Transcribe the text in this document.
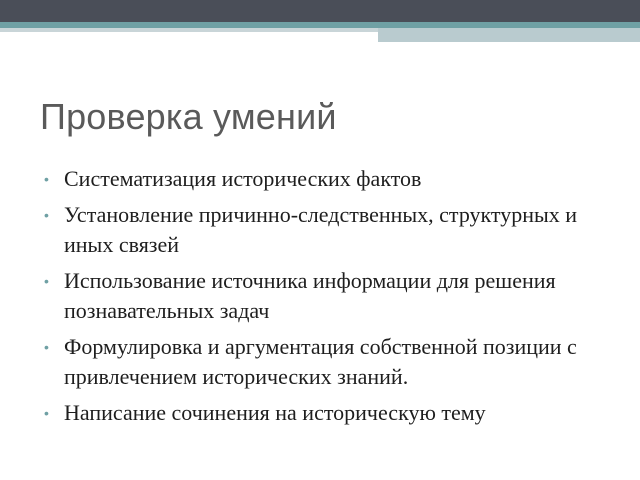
Проверка умений
• Систематизация исторических фактов
• Установление причинно-следственных, структурных и иных связей
• Использование источника информации для решения познавательных задач
• Формулировка и аргументация собственной позиции с привлечением исторических знаний.
• Написание сочинения на историческую тему
